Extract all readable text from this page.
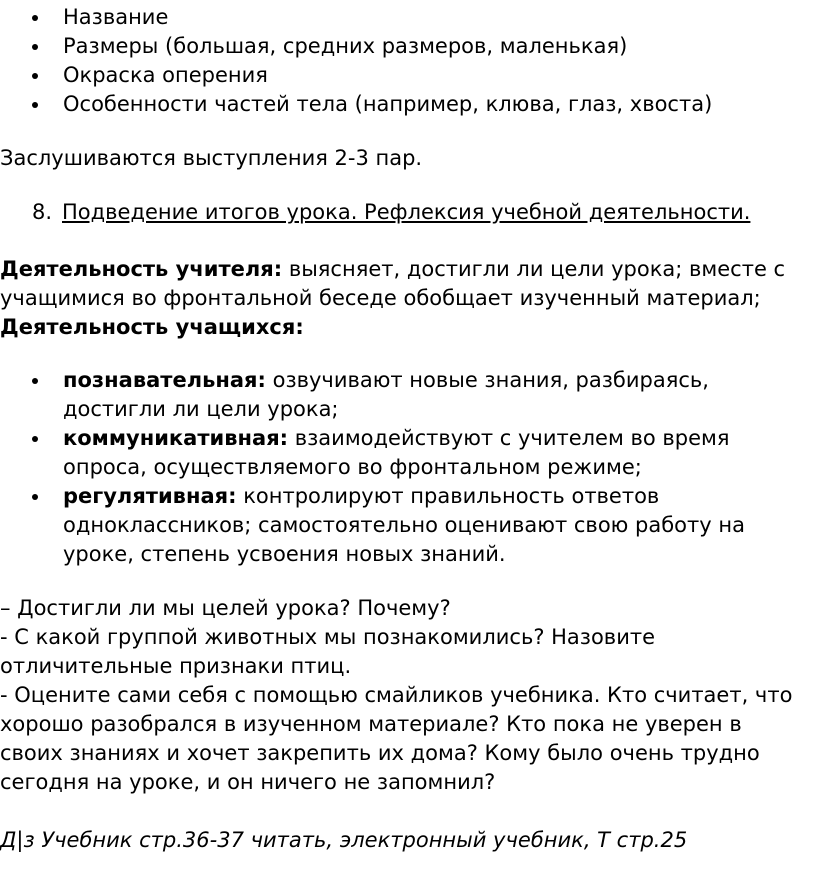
Название
Размеры (большая, средних размеров, маленькая)
Окраска оперения
Особенности частей тела (например, клюва, глаз, хвоста)

Заслушиваются выступления 2-3 пар.

8. Подведение итогов урока. Рефлексия учебной деятельности.
Деятельность учителя: выясняет, достигли ли цели урока; вместе с
учащимися во фронтальной беседе обобщает изученный материал;
Деятельность учащихся:
познавательная: озвучивают новые знания, разбираясь,
достигли ли цели урока;
коммуникативная: взаимодействуют с учителем во время
опроса, осуществляемого во фронтальном режиме;
регулятивная: контролируют правильность ответов
одноклассников; самостоятельно оценивают свою работу на
уроке, степень усвоения новых знаний.
– Достигли ли мы целей урока? Почему?
- С какой группой животных мы познакомились? Назовите
отличительные признаки птиц.
- Оцените сами себя с помощью смайликов учебника. Кто считает, что
хорошо разобрался в изученном материале? Кто пока не уверен в
своих знаниях и хочет закрепить их дома? Кому было очень трудно
сегодня на уроке, и он ничего не запомнил?

Д|з Учебник стр.36-37 читать, электронный учебник, Т стр.25
